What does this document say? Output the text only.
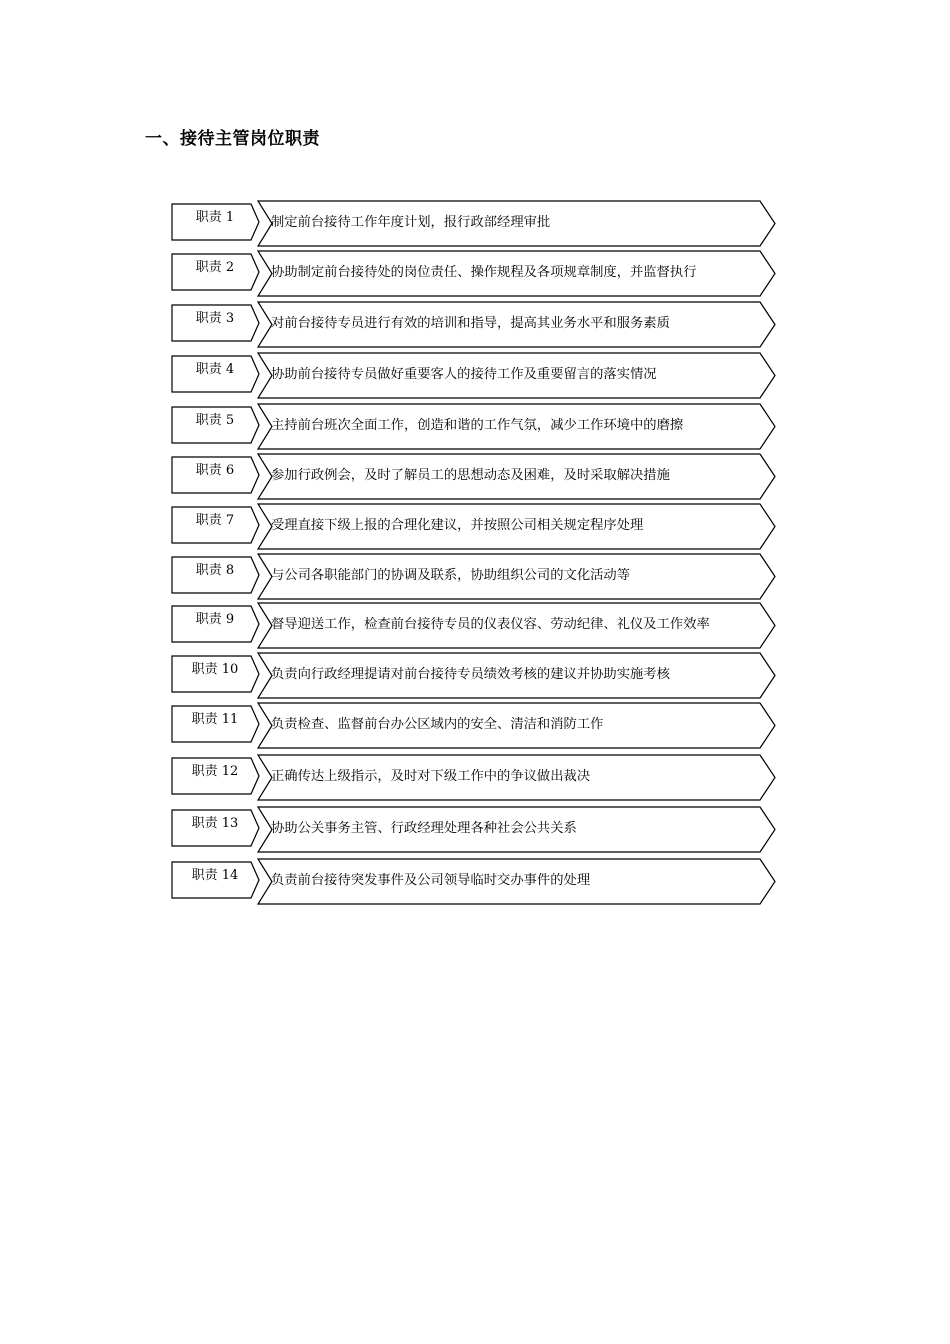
一、接待主管岗位职责
职责 1	制定前台接待工作年度计划，报行政部经理审批
职责 2	协助制定前台接待处的岗位责任、操作规程及各项规章制度，并监督执行
职责 3	对前台接待专员进行有效的培训和指导，提高其业务水平和服务素质
职责 4	协助前台接待专员做好重要客人的接待工作及重要留言的落实情况
职责 5	主持前台班次全面工作，创造和谐的工作气氛，减少工作环境中的磨擦
职责 6	参加行政例会，及时了解员工的思想动态及困难，及时采取解决措施
职责 7	受理直接下级上报的合理化建议，并按照公司相关规定程序处理
职责 8	与公司各职能部门的协调及联系，协助组织公司的文化活动等
职责 9	督导迎送工作，检查前台接待专员的仪表仪容、劳动纪律、礼仪及工作效率
职责 10	负责向行政经理提请对前台接待专员绩效考核的建议并协助实施考核
职责 11	负责检查、监督前台办公区域内的安全、清洁和消防工作
职责 12	正确传达上级指示，及时对下级工作中的争议做出裁决
职责 13	协助公关事务主管、行政经理处理各种社会公共关系
职责 14	负责前台接待突发事件及公司领导临时交办事件的处理
